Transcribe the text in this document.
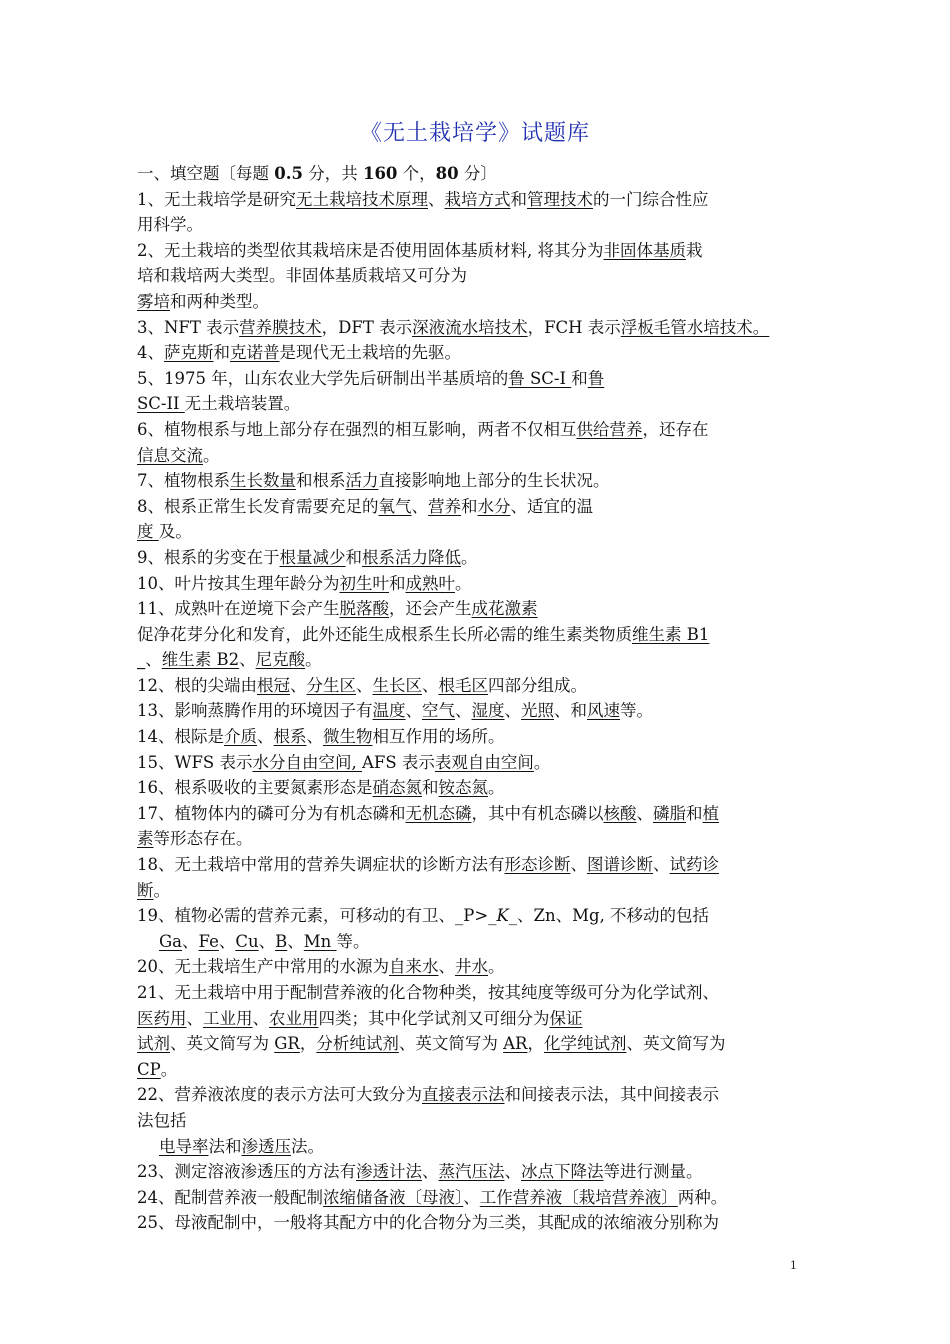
《无土栽培学》试题库

一、填空题〔每题 0.5 分，共 160 个，80 分〕

1、无土栽培学是研究无土栽培技术原理、栽培方式和管理技术的一门综合性应
用科学。

2、无土栽培的类型依其栽培床是否使用固体基质材料, 将其分为非固体基质栽
培和栽培两大类型。非固体基质栽培又可分为
雾培和两种类型。

3、NFT 表示营养膜技术，DFT 表示深液流水培技术，FCH 表示浮板毛管水培技术。

4、萨克斯和克诺普是现代无土栽培的先驱。

5、1975 年，山东农业大学先后研制出半基质培的鲁 SC-I 和鲁
SC-II 无土栽培装置。

6、植物根系与地上部分存在强烈的相互影响，两者不仅相互供给营养，还存在
信息交流。

7、植物根系生长数量和根系活力直接影响地上部分的生长状况。

8、根系正常生长发育需要充足的氧气、营养和水分、适宜的温
度 及。

9、根系的劣变在于根量减少和根系活力降低。

10、叶片按其生理年龄分为初生叶和成熟叶。

11、成熟叶在逆境下会产生脱落酸，还会产生成花激素
促净花芽分化和发育，此外还能生成根系生长所必需的维生素类物质维生素 B1
_、维生素 B2、尼克酸。

12、根的尖端由根冠、分生区、生长区、根毛区四部分组成。

13、影响蒸腾作用的环境因子有温度、空气、湿度、光照、和风速等。

14、根际是介质、根系、微生物相互作用的场所。

15、WFS 表示水分自由空间, AFS 表示表观自由空间。

16、根系吸收的主要氮素形态是硝态氮和铵态氮。

17、植物体内的磷可分为有机态磷和无机态磷，其中有机态磷以核酸、磷脂和植
素等形态存在。

18、无土栽培中常用的营养失调症状的诊断方法有形态诊断、图谱诊断、试药诊
断。

19、植物必需的营养元素，可移动的有卫、_P>_K_、Zn、Mg, 不移动的包括
Ga、Fe、Cu、B、Mn 等。

20、无土栽培生产中常用的水源为自来水、井水。

21、无土栽培中用于配制营养液的化合物种类，按其纯度等级可分为化学试剂、
医药用、工业用、农业用四类；其中化学试剂又可细分为保证
试剂、英文简写为 GR，分析纯试剂、英文简写为 AR，化学纯试剂、英文简写为
CP。

22、营养液浓度的表示方法可大致分为直接表示法和间接表示法，其中间接表示
法包括
电导率法和渗透压法。

23、测定溶液渗透压的方法有渗透计法、蒸汽压法、冰点下降法等进行测量。

24、配制营养液一般配制浓缩储备液〔母液〕、工作营养液〔栽培营养液〕两种。

25、母液配制中，一般将其配方中的化合物分为三类，其配成的浓缩液分别称为

1
